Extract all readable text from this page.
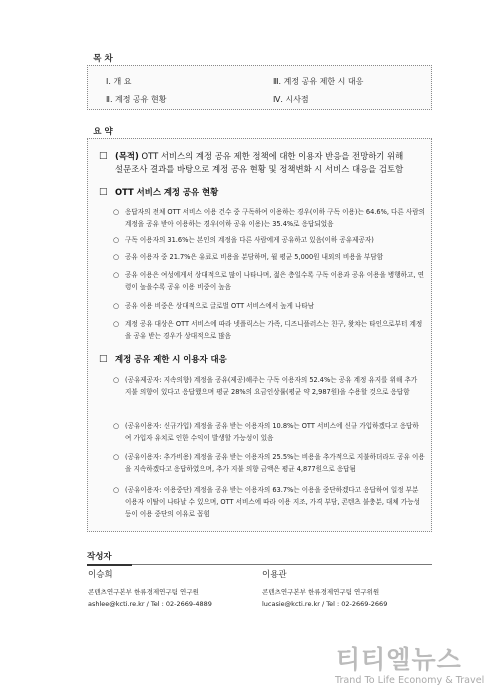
목 차
Ⅰ. 개 요
Ⅱ. 계정 공유 현황
Ⅲ. 계정 공유 제한 시 대응
Ⅳ. 시사점
요 약
□ (목적) OTT 서비스의 계정 공유 제한 정책에 대한 이용자 반응을 전망하기 위해
설문조사 결과를 바탕으로 계정 공유 현황 및 정책변화 시 서비스 대응을 검토함
□ OTT 서비스 계정 공유 현황
○ 응답자의 전체 OTT 서비스 이용 건수 중 구독하여 이용하는 경우(이하 구독 이용)는 64.6%, 다른 사람의 계정을 공유 받아 이용하는 경우(이하 공유 이용)는 35.4%로 응답되었음
○ 구독 이용자의 31.6%는 본인의 계정을 다른 사람에게 공유하고 있음(이하 공유제공자)
○ 공유 이용자 중 21.7%은 유료로 비용을 분담하며, 월 평균 5,000원 내외의 비용을 부담함
○ 공유 이용은 여성에게서 상대적으로 많이 나타나며, 젊은 층일수록 구독 이용과 공유 이용을 병행하고, 연령이 높을수록 공유 이용 비중이 높음
○ 공유 이용 비중은 상대적으로 글로벌 OTT 서비스에서 높게 나타남
○ 계정 공유 대상은 OTT 서비스에 따라 넷플릭스는 가족, 디즈니플러스는 친구, 왓챠는 타인으로부터 계정을 공유 받는 경우가 상대적으로 많음
□ 계정 공유 제한 시 이용자 대응
○ (공유제공자: 지속의향) 계정을 공유(제공)해주는 구독 이용자의 52.4%는 공유 계정 유지를 위해 추가 지불 의향이 있다고 응답했으며 평균 28%의 요금인상률(평균 약 2,987원)을 수용할 것으로 응답함
○ (공유이용자: 신규가입) 계정을 공유 받는 이용자의 10.8%는 OTT 서비스에 신규 가입하겠다고 응답하여 가입자 유치로 인한 수익이 발생할 가능성이 있음
○ (공유이용자: 추가비용) 계정을 공유 받는 이용자의 25.5%는 비용을 추가적으로 지불하더라도 공유 이용을 지속하겠다고 응답하였으며, 추가 지불 의향 금액은 평균 4,877원으로 응답됨
○ (공유이용자: 이용중단) 계정을 공유 받는 이용자의 63.7%는 이용을 중단하겠다고 응답하여 일정 부분 이용자 이탈이 나타날 수 있으며, OTT 서비스에 따라 이용 지조, 가격 부담, 콘텐츠 불충분, 대체 가능성 등이 이용 중단의 이유로 꼽힘
작성자
이승희
콘텐츠연구본부 한류경제연구팀 연구원
ashlee@kcti.re.kr / Tel : 02-2669-4889
이용관
콘텐츠연구본부 한류경제연구팀 연구위원
lucasie@kcti.re.kr / Tel : 02-2669-2669
티티엘뉴스
Trand To Life Economy & Travel
